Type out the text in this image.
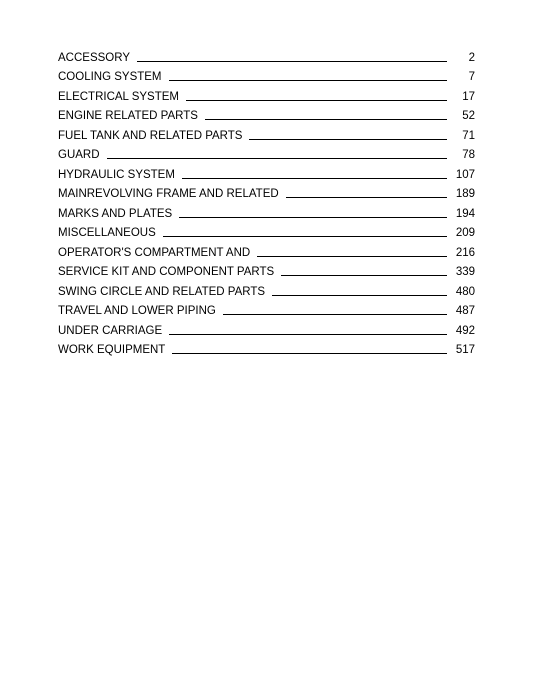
ACCESSORY	2
COOLING SYSTEM	7
ELECTRICAL SYSTEM	17
ENGINE RELATED PARTS	52
FUEL TANK AND RELATED PARTS	71
GUARD	78
HYDRAULIC SYSTEM	107
MAINREVOLVING FRAME AND RELATED	189
MARKS AND PLATES	194
MISCELLANEOUS	209
OPERATOR'S COMPARTMENT AND	216
SERVICE KIT AND COMPONENT PARTS	339
SWING CIRCLE AND RELATED PARTS	480
TRAVEL AND LOWER PIPING	487
UNDER CARRIAGE	492
WORK EQUIPMENT	517
